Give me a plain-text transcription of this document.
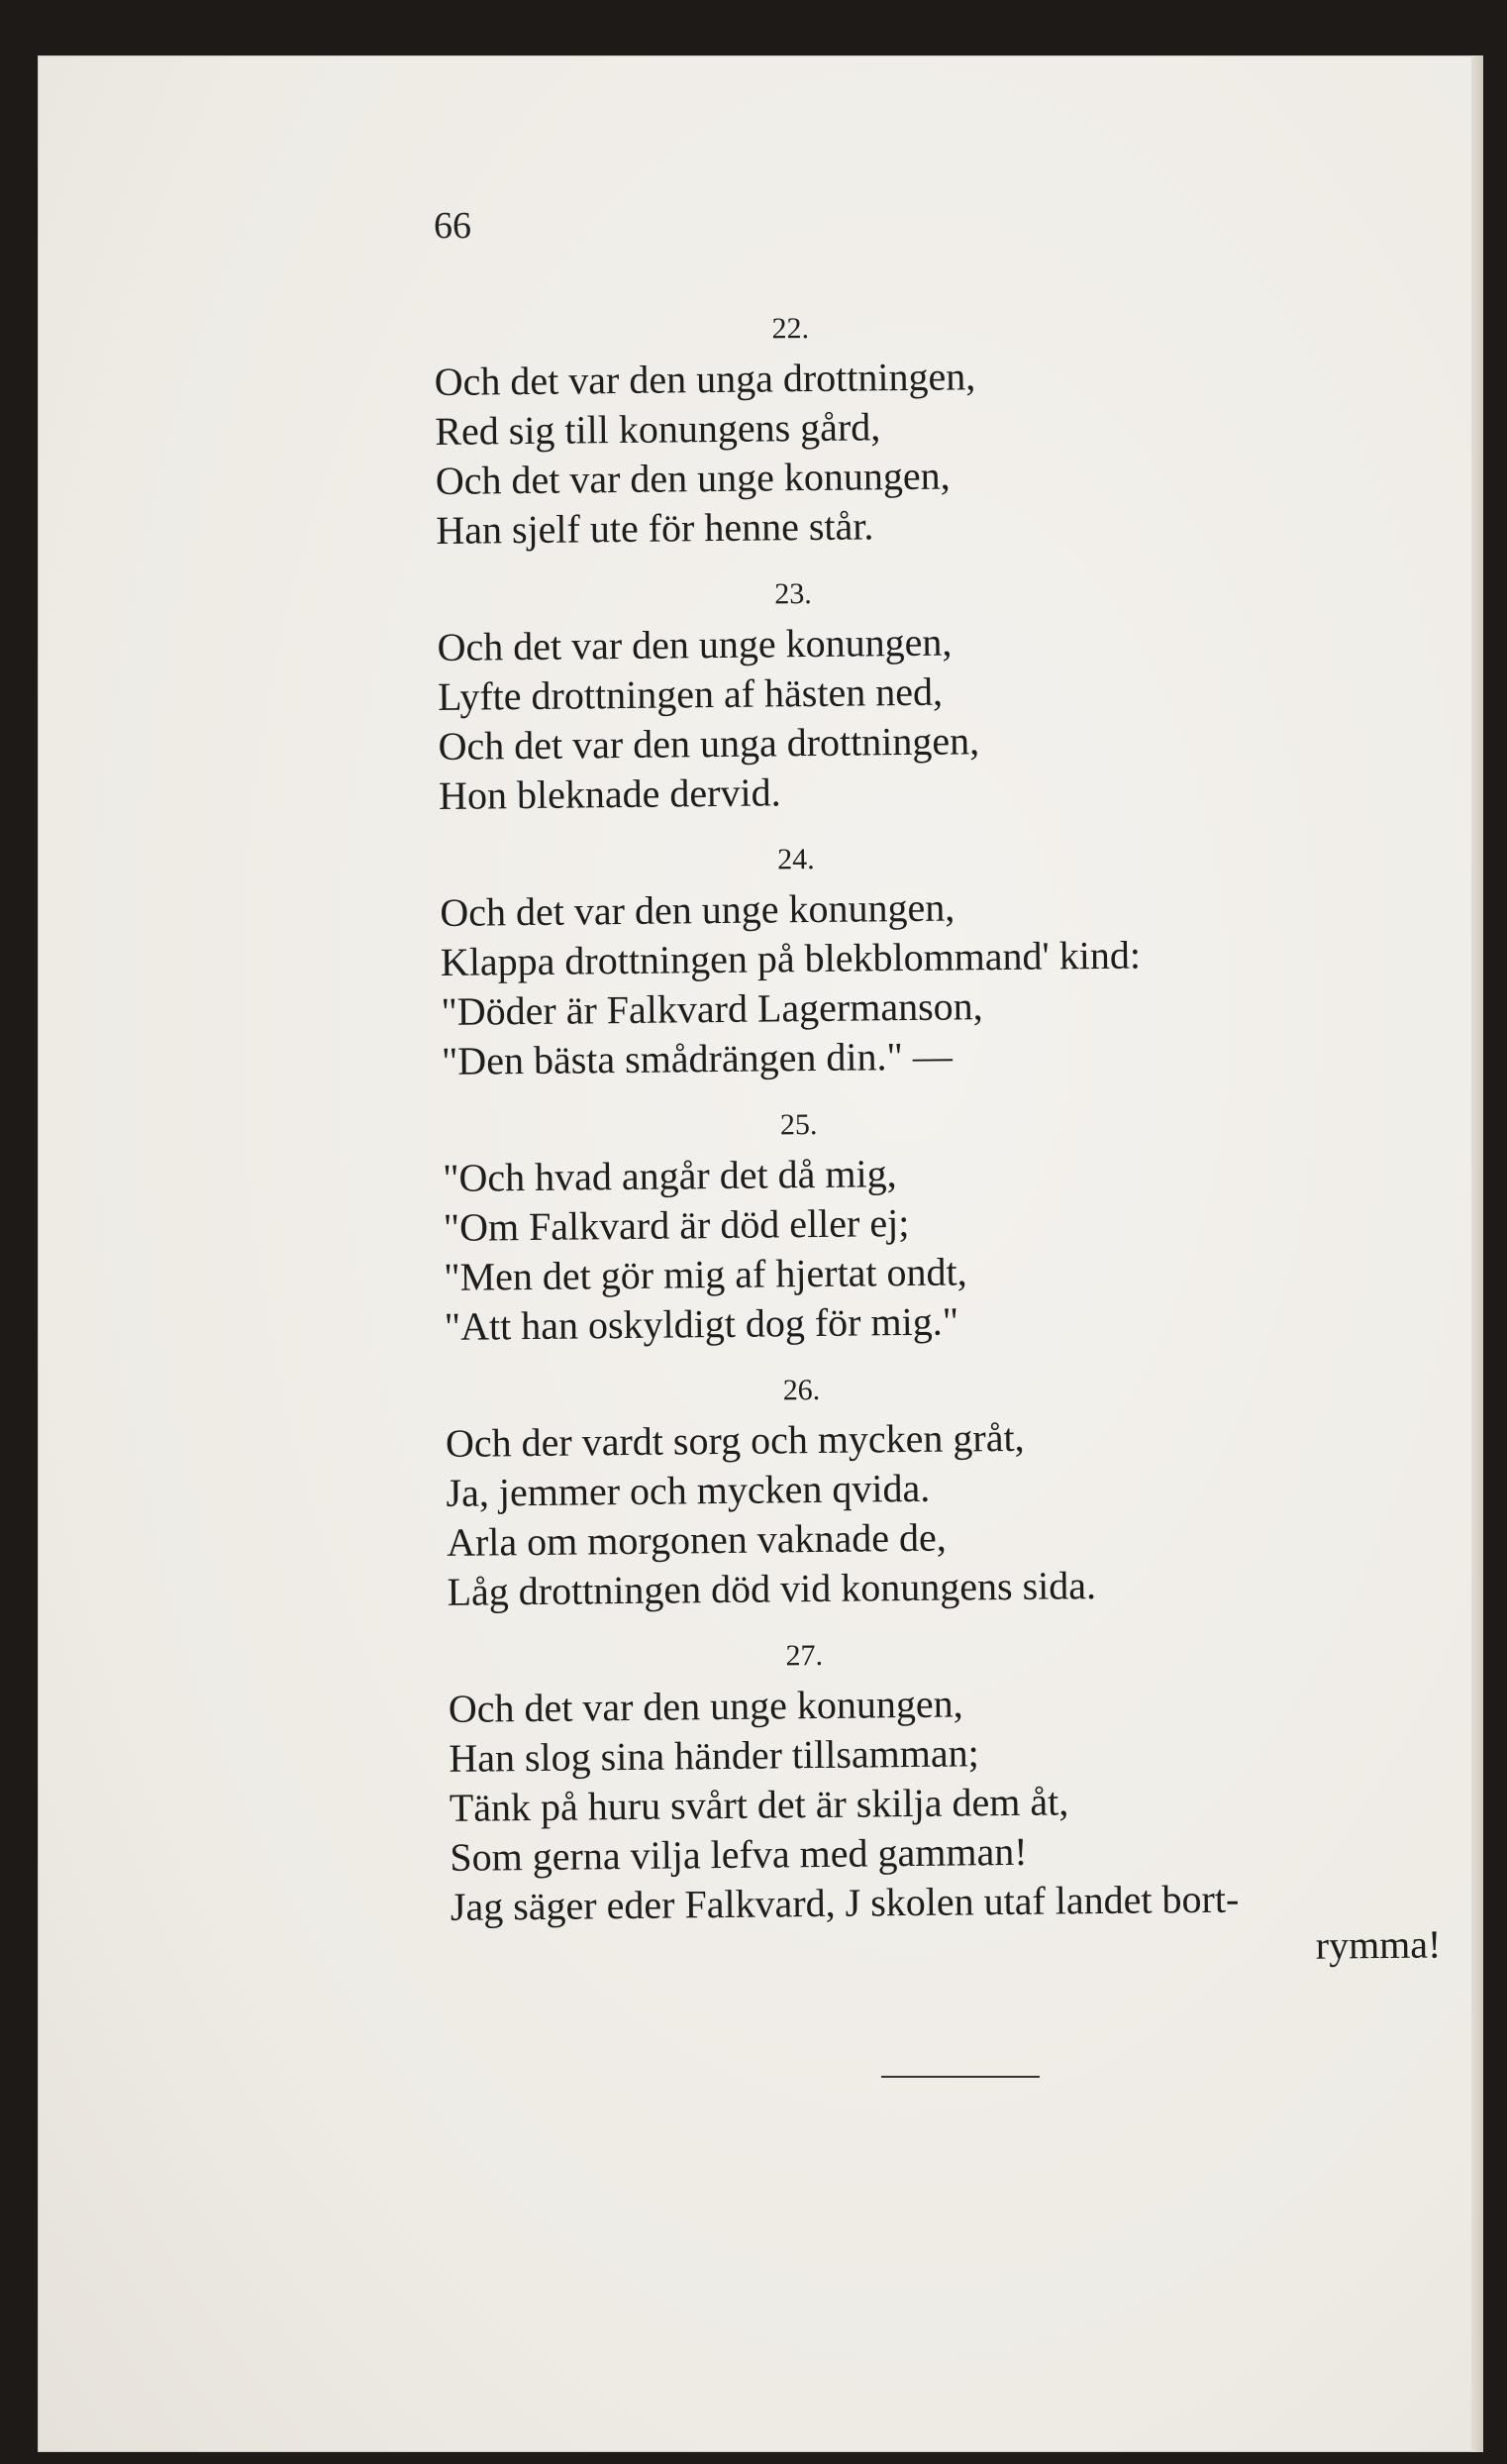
66
22.
Och det var den unga drottningen,
Red sig till konungens gård,
Och det var den unge konungen,
Han sjelf ute för henne står.
23.
Och det var den unge konungen,
Lyfte drottningen af hästen ned,
Och det var den unga drottningen,
Hon bleknade dervid.
24.
Och det var den unge konungen,
Klappa drottningen på blekblommand' kind:
"Döder är Falkvard Lagermanson,
"Den bästa smådrängen din." —
25.
"Och hvad angår det då mig,
"Om Falkvard är död eller ej;
"Men det gör mig af hjertat ondt,
"Att han oskyldigt dog för mig."
26.
Och der vardt sorg och mycken gråt,
Ja, jemmer och mycken qvida.
Arla om morgonen vaknade de,
Låg drottningen död vid konungens sida.
27.
Och det var den unge konungen,
Han slog sina händer tillsamman;
Tänk på huru svårt det är skilja dem åt,
Som gerna vilja lefva med gamman!
Jag säger eder Falkvard, J skolen utaf landet bort-
rymma!
